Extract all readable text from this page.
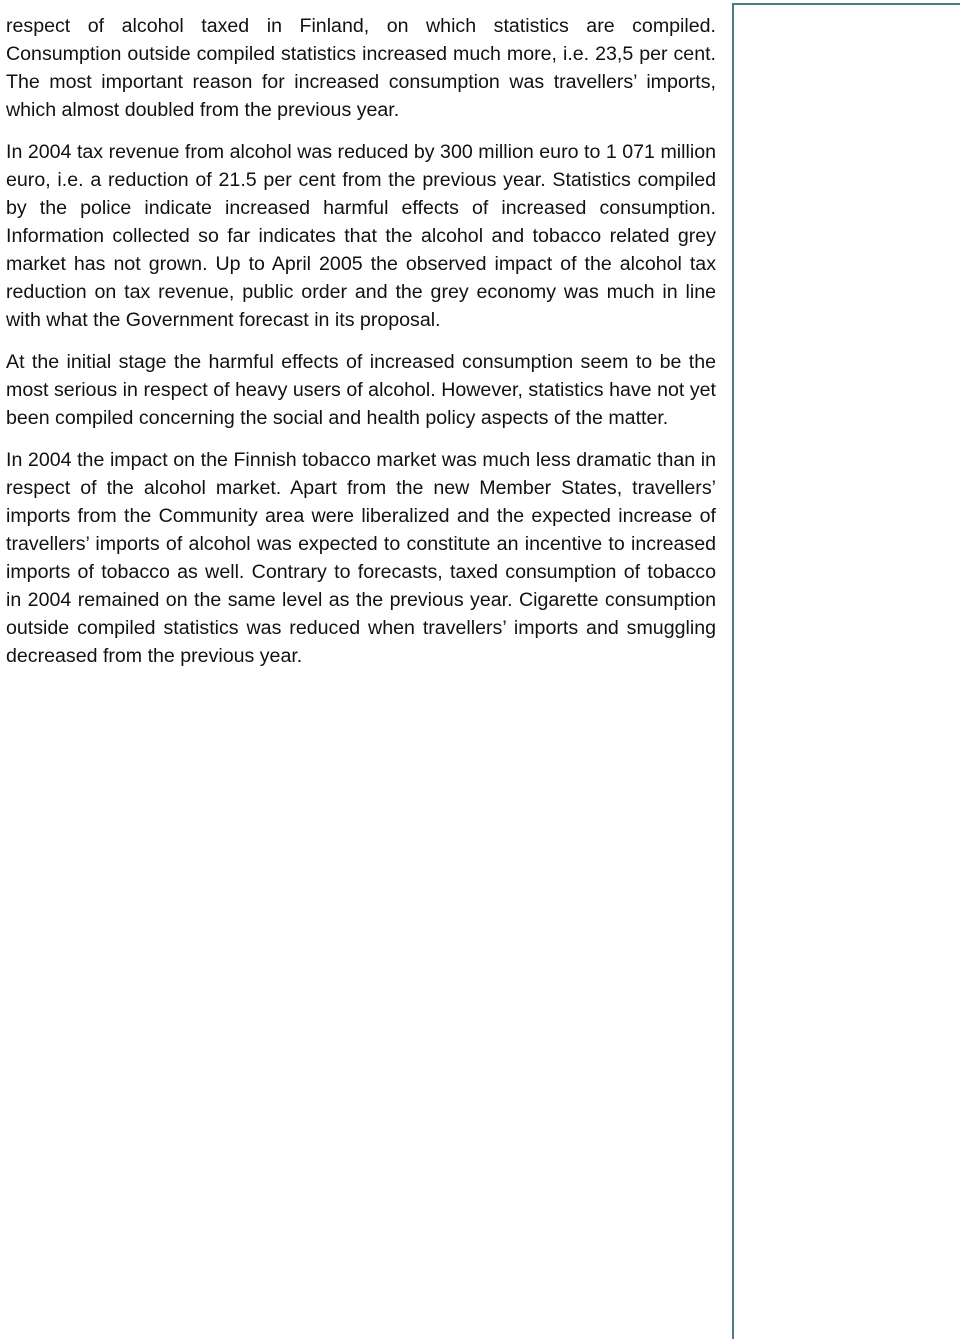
respect of alcohol taxed in Finland, on which statistics are compiled. Consumption outside compiled statistics increased much more, i.e. 23,5 per cent. The most important reason for increased consumption was travellers’ imports, which almost doubled from the previous year.

In 2004 tax revenue from alcohol was reduced by 300 million euro to 1 071 million euro, i.e. a reduction of 21.5 per cent from the previous year. Statistics compiled by the police indicate increased harmful effects of increased consumption. Information collected so far indicates that the alcohol and tobacco related grey market has not grown. Up to April 2005 the observed impact of the alcohol tax reduction on tax revenue, public order and the grey economy was much in line with what the Government forecast in its proposal.

At the initial stage the harmful effects of increased consumption seem to be the most serious in respect of heavy users of alcohol. However, statistics have not yet been compiled concerning the social and health policy aspects of the matter.

In 2004 the impact on the Finnish tobacco market was much less dramatic than in respect of the alcohol market. Apart from the new Member States, travellers’ imports from the Community area were liberalized and the expected increase of travellers’ imports of alcohol was expected to constitute an incentive to increased imports of tobacco as well. Contrary to forecasts, taxed consumption of tobacco in 2004 remained on the same level as the previous year. Cigarette consumption outside compiled statistics was reduced when travellers’ imports and smuggling decreased from the previous year.
